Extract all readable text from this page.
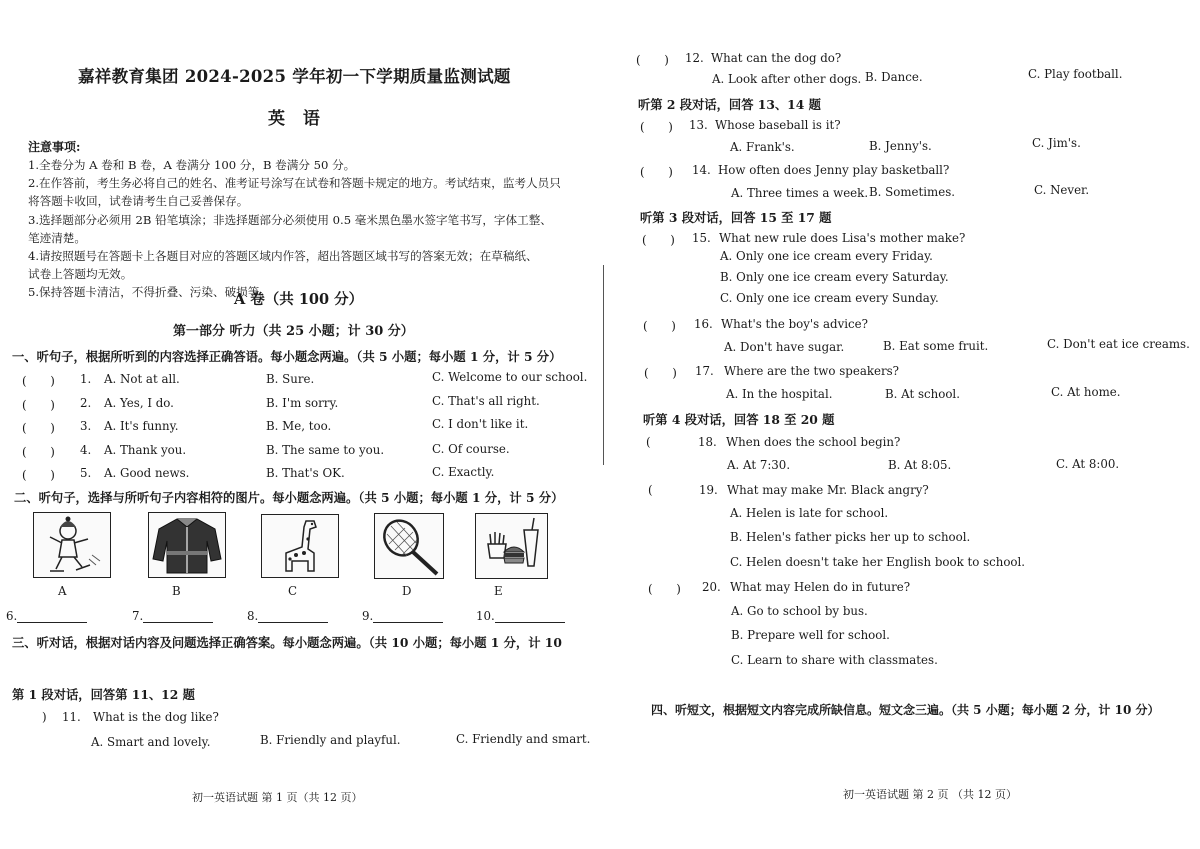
嘉祥教育集团 2024-2025 学年初一下学期质量监测试题
英 语
注意事项:
1.全卷分为 A 卷和 B 卷，A 卷满分 100 分，B 卷满分 50 分。
2.在作答前，考生务必将自己的姓名、准考证号涂写在试卷和答题卡规定的地方。考试结束，监考人员只
将答题卡收回，试卷请考生自己妥善保存。
3.选择题部分必须用 2B 铅笔填涂；非选择题部分必须使用 0.5 毫米黑色墨水签字笔书写，字体工整、
笔迹清楚。
4.请按照题号在答题卡上各题目对应的答题区域内作答，超出答题区域书写的答案无效；在草稿纸、
试卷上答题均无效。
5.保持答题卡清洁，不得折叠、污染、破损等。
A 卷（共 100 分）
第一部分 听力（共 25 小题；计 30 分）
一、听句子，根据所听到的内容选择正确答语。每小题念两遍。（共 5 小题；每小题 1 分，计 5 分）
(　　) 1. A. Not at all.	B. Sure.	C. Welcome to our school.
(　　) 2. A. Yes, I do.	B. I'm sorry.	C. That's all right.
(　　) 3. A. It's funny.	B. Me, too.	C. I don't like it.
(　　) 4. A. Thank you.	B. The same to you.	C. Of course.
(　　) 5. A. Good news.	B. That's OK.	C. Exactly.
二、听句子，选择与所听句子内容相符的图片。每小题念两遍。（共 5 小题；每小题 1 分，计 5 分）
A	B	C	D	E
6.	7.	8.	9.	10.
三、听对话，根据对话内容及问题选择正确答案。每小题念两遍。（共 10 小题；每小题 1 分，计 10
第 1 段对话，回答第 11、12 题
) 11. What is the dog like?
A. Smart and lovely.	B. Friendly and playful.	C. Friendly and smart.
初一英语试题 第 1 页（共 12 页）
(　　) 12. What can the dog do?
A. Look after other dogs. B. Dance.	C. Play football.
听第 2 段对话，回答 13、14 题
(　　) 13. Whose baseball is it?
A. Frank's.	B. Jenny's.	C. Jim's.
(　　) 14. How often does Jenny play basketball?
A. Three times a week. B. Sometimes.	C. Never.
听第 3 段对话，回答 15 至 17 题
(　　) 15. What new rule does Lisa's mother make?
A. Only one ice cream every Friday.
B. Only one ice cream every Saturday.
C. Only one ice cream every Sunday.
(　　) 16. What's the boy's advice?
A. Don't have sugar.	B. Eat some fruit.	C. Don't eat ice creams.
(　　) 17. Where are the two speakers?
A. In the hospital.	B. At school.	C. At home.
听第 4 段对话，回答 18 至 20 题
(	18. When does the school begin?
A. At 7:30.	B. At 8:05.	C. At 8:00.
(	19. What may make Mr. Black angry?
A. Helen is late for school.
B. Helen's father picks her up to school.
C. Helen doesn't take her English book to school.
(　　) 20. What may Helen do in future?
A. Go to school by bus.
B. Prepare well for school.
C. Learn to share with classmates.
四、听短文，根据短文内容完成所缺信息。短文念三遍。（共 5 小题；每小题 2 分，计 10 分）
初一英语试题 第 2 页 （共 12 页）
